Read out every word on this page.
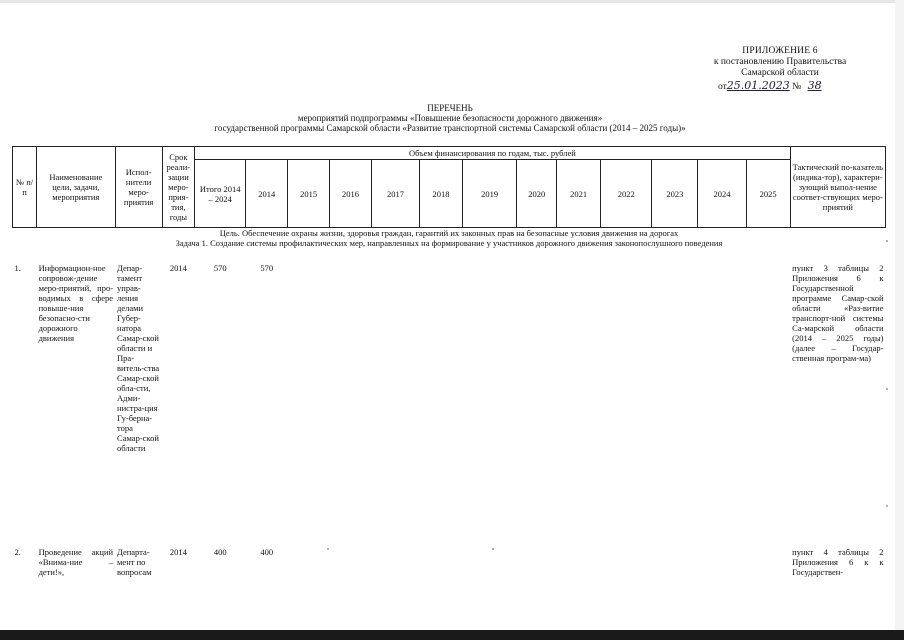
ПРИЛОЖЕНИЕ 6
к постановлению Правительства
Самарской области
от25.01.2023 № 38
ПЕРЕЧЕНЬ
мероприятий подпрограммы «Повышение безопасности дорожного движения»
государственной программы Самарской области «Развитие транспортной системы Самарской области (2014 – 2025 годы)»
№ п/п	Наименование цели, задачи, мероприятия	Испол-нители меро-приятия	Срок реали-зации меро-прия-тия, годы	Объем финансирования по годам, тыс. рублей													Тактический по-казатель (индика-тор), характери-зующий выпол-нение соответ-ствующих меро-приятий
				Итого 2014 – 2024	2014	2015	2016	2017	2018	2019	2020	2021	2022	2023	2024	2025	
Цель. Обеспечение охраны жизни, здоровья граждан, гарантий их законных прав на безопасные условия движения на дорогах																	
Задача 1. Создание системы профилактических мер, направленных на формирование у участников дорожного движения законопослушного поведения																	

1.	Информацион-ное сопровож-дение меро-приятий, про-водимых в сфере повыше-ния безопасно-сти дорожного движения	Депар-тамент управ-ления делами Губер-натора Самар-ской области и Пра-витель-ства Самар-ской обла-сти, Адми-нистра-ция Гу-берна-тора Самар-ской области	2014	570	570												пункт 3 таблицы 2 Приложения 6 к Государственной программе Самар-ской области «Раз-витие транспорт-ной системы Са-марской области (2014 – 2025 годы) (далее – Государ-ственная програм-ма)
2.	Проведение акций «Внима-ние – дети!»,	Департа-мент по вопросам	2014	400	400												пункт 4 таблицы 2 Приложения 6 к к Государствен-
